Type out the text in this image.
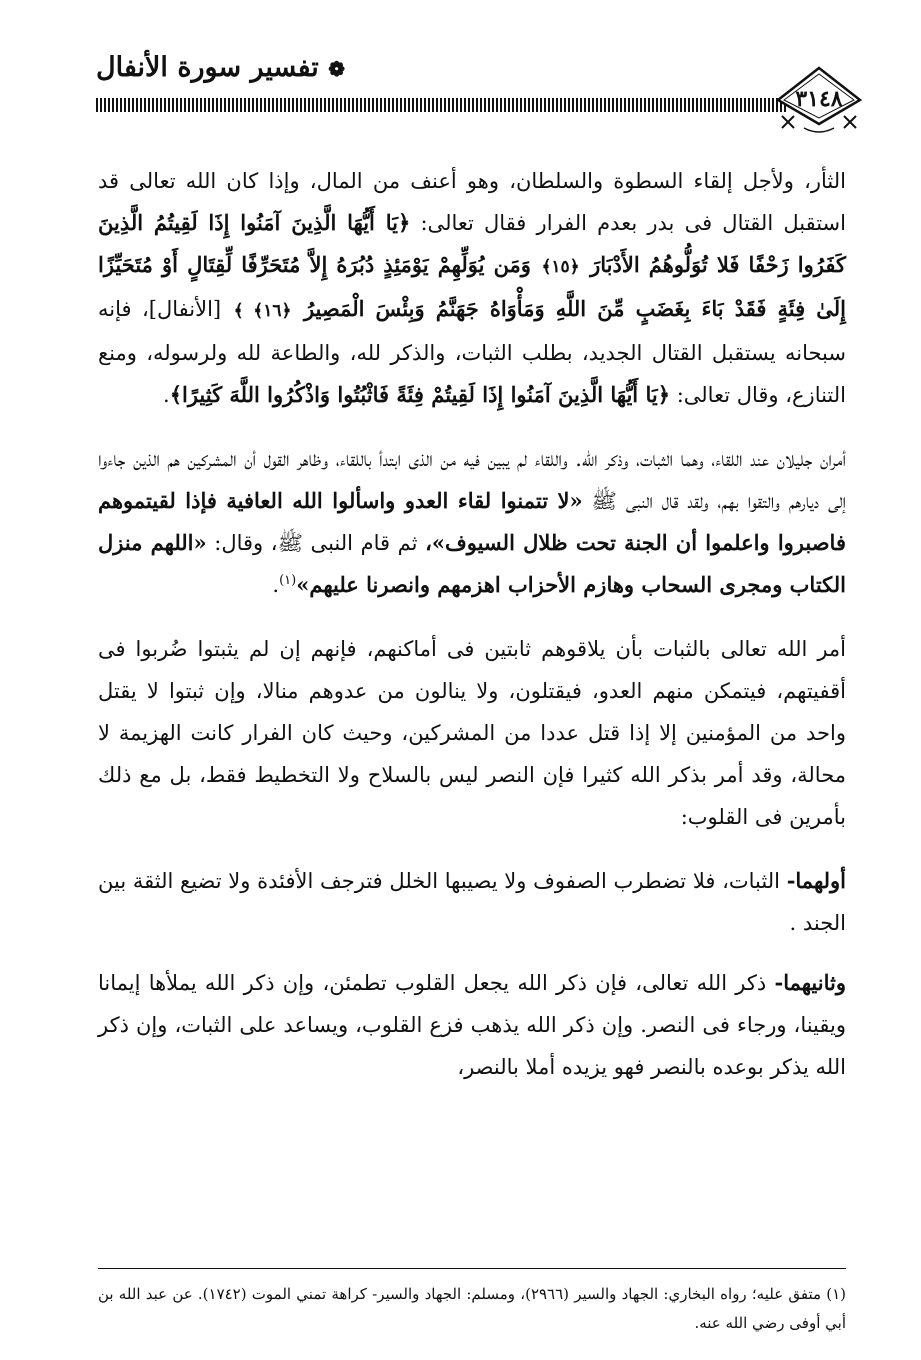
❁ تفسير سورة الأنفال
٣١٤٨

الثأر، ولأجل إلقاء السطوة والسلطان، وهو أعنف من المال، وإذا كان الله تعالى قد استقبل القتال فى بدر بعدم الفرار فقال تعالى: ﴿يَا أَيُّهَا الَّذِينَ آمَنُوا إِذَا لَقِيتُمُ الَّذِينَ كَفَرُوا زَحْفًا فَلا تُوَلُّوهُمُ الأَدْبَارَ ﴿١٥﴾ وَمَن يُوَلِّهِمْ يَوْمَئِذٍ دُبُرَهُ إِلاَّ مُتَحَرِّفًا لِّقِتَالٍ أَوْ مُتَحَيِّزًا إِلَىٰ فِئَةٍ فَقَدْ بَاءَ بِغَضَبٍ مِّنَ اللَّهِ وَمَأْوَاهُ جَهَنَّمُ وَبِئْسَ الْمَصِيرُ ﴿١٦﴾ ﴾ [الأنفال]، فإنه سبحانه يستقبل القتال الجديد، بطلب الثبات، والذكر لله، والطاعة لله ولرسوله، ومنع التنازع، وقال تعالى: ﴿يَا أَيُّهَا الَّذِينَ آمَنُوا إِذَا لَقِيتُمْ فِئَةً فَاثْبُتُوا وَاذْكُرُوا اللَّهَ كَثِيرًا﴾.

أمران جليلان عند اللقاء، وهما الثبات، وذكر الله. واللقاء لم يبين فيه من الذى ابتدأ باللقاء، وظاهر القول أن المشركين هم الذين جاءوا إلى ديارهم والتقوا بهم، ولقد قال النبى ﷺ «لا تتمنوا لقاء العدو واسألوا الله العافية فإذا لقيتموهم فاصبروا واعلموا أن الجنة تحت ظلال السيوف»، ثم قام النبى ﷺ، وقال: «اللهم منزل الكتاب ومجرى السحاب وهازم الأحزاب اهزمهم وانصرنا عليهم»$^{(١)}$.

أمر الله تعالى بالثبات بأن يلاقوهم ثابتين فى أماكنهم، فإنهم إن لم يثبتوا ضُربوا فى أقفيتهم، فيتمكن منهم العدو، فيقتلون، ولا ينالون من عدوهم منالا، وإن ثبتوا لا يقتل واحد من المؤمنين إلا إذا قتل عددا من المشركين، وحيث كان الفرار كانت الهزيمة لا محالة، وقد أمر بذكر الله كثيرا فإن النصر ليس بالسلاح ولا التخطيط فقط، بل مع ذلك بأمرين فى القلوب:

أولهما- الثبات، فلا تضطرب الصفوف ولا يصيبها الخلل فترجف الأفئدة ولا تضيع الثقة بين الجند .

وثانيهما- ذكر الله تعالى، فإن ذكر الله يجعل القلوب تطمئن، وإن ذكر الله يملأها إيمانا ويقينا، ورجاء فى النصر. وإن ذكر الله يذهب فزع القلوب، ويساعد على الثبات، وإن ذكر الله يذكر بوعده بالنصر فهو يزيده أملا بالنصر،

(١) متفق عليه؛ رواه البخاري: الجهاد والسير (٢٩٦٦)، ومسلم: الجهاد والسير- كراهة تمني الموت (١٧٤٢). عن عبد الله بن أبي أوفى رضي الله عنه.
